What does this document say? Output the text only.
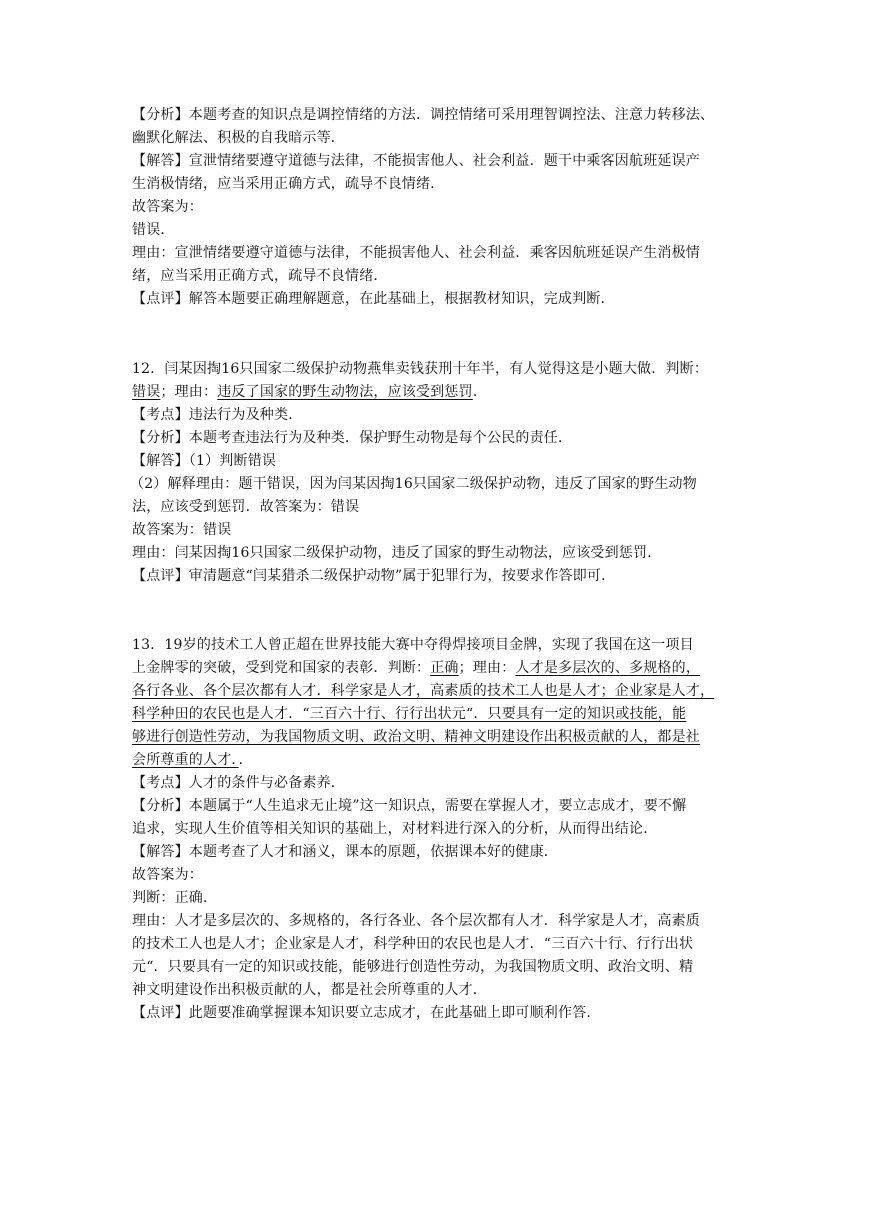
【分析】本题考查的知识点是调控情绪的方法．调控情绪可采用理智调控法、注意力转移法、
幽默化解法、积极的自我暗示等．
【解答】宣泄情绪要遵守道德与法律，不能损害他人、社会利益．题干中乘客因航班延误产
生消极情绪，应当采用正确方式，疏导不良情绪．
故答案为：
错误．
理由：宣泄情绪要遵守道德与法律，不能损害他人、社会利益．乘客因航班延误产生消极情
绪，应当采用正确方式，疏导不良情绪．
【点评】解答本题要正确理解题意，在此基础上，根据教材知识，完成判断．
12．闫某因掏16只国家二级保护动物燕隼卖钱获刑十年半，有人觉得这是小题大做．判断：
错误；理由：违反了国家的野生动物法，应该受到惩罚．
【考点】违法行为及种类．
【分析】本题考查违法行为及种类．保护野生动物是每个公民的责任．
【解答】（1）判断错误
（2）解释理由：题干错误，因为闫某因掏16只国家二级保护动物，违反了国家的野生动物
法，应该受到惩罚．故答案为：错误
故答案为：错误
理由：闫某因掏16只国家二级保护动物，违反了国家的野生动物法，应该受到惩罚．
【点评】审清题意“闫某猎杀二级保护动物”属于犯罪行为，按要求作答即可．
13．19岁的技术工人曾正超在世界技能大赛中夺得焊接项目金牌，实现了我国在这一项目
上金牌零的突破，受到党和国家的表彰．判断：正确；理由：人才是多层次的、多规格的，
各行各业、各个层次都有人才．科学家是人才，高素质的技术工人也是人才；企业家是人才，
科学种田的农民也是人才．“三百六十行、行行出状元“．只要具有一定的知识或技能，能
够进行创造性劳动，为我国物质文明、政治文明、精神文明建设作出积极贡献的人，都是社
会所尊重的人才．．
【考点】人才的条件与必备素养．
【分析】本题属于“人生追求无止境”这一知识点，需要在掌握人才，要立志成才，要不懈
追求，实现人生价值等相关知识的基础上，对材料进行深入的分析，从而得出结论．
【解答】本题考查了人才和涵义，课本的原题，依据课本好的健康．
故答案为：
判断：正确．
理由：人才是多层次的、多规格的，各行各业、各个层次都有人才．科学家是人才，高素质
的技术工人也是人才；企业家是人才，科学种田的农民也是人才．“三百六十行、行行出状
元“．只要具有一定的知识或技能，能够进行创造性劳动，为我国物质文明、政治文明、精
神文明建设作出积极贡献的人，都是社会所尊重的人才．
【点评】此题要准确掌握课本知识要立志成才，在此基础上即可顺利作答．
